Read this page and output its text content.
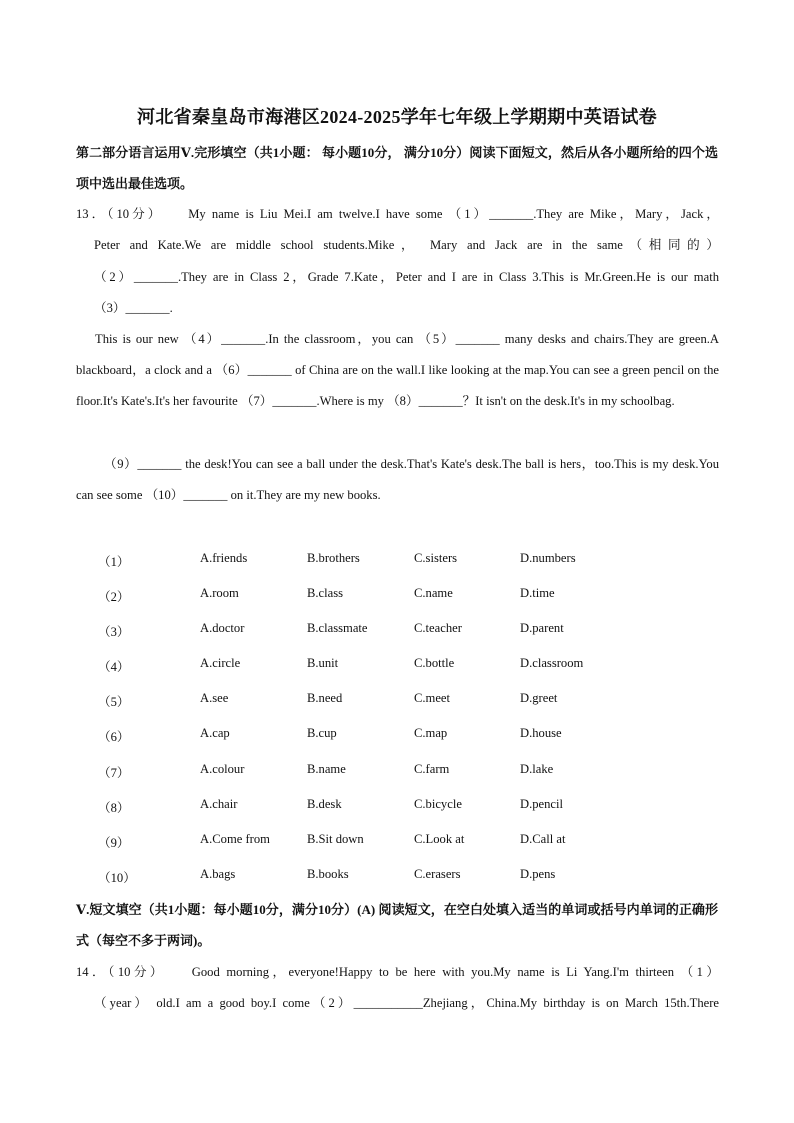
河北省秦皇岛市海港区2024-2025学年七年级上学期期中英语试卷
第二部分语言运用Ⅴ.完形填空（共1小题： 每小题10分， 满分10分）阅读下面短文，然后从各小题所给的四个选项中选出最佳选项。
13．（10分）　　My name is Liu Mei.I am twelve.I have some （1）_______.They are Mike，Mary，Jack，
Peter and Kate.We are middle school students.Mike， Mary and Jack are in the same（相同的）
（2）_______.They are in Class 2，Grade 7.Kate，Peter and I are in Class 3.This is Mr.Green.He is our math
（3）_______.
This is our new （4）_______.In the classroom，you can （5）_______ many desks and chairs.They are green.A blackboard，a clock and a （6）_______ of China are on the wall.I like looking at the map.You can see a green pencil on the floor.It's Kate's.It's her favourite （7）_______.Where is my （8）_______？It isn't on the desk.It's in my schoolbag.
（9）_______ the desk!You can see a ball under the desk.That's Kate's desk.The ball is hers，too.This is my desk.You can see some （10）_______ on it.They are my new books.
（1）	A.friends	B.brothers	C.sisters	D.numbers
（2）	A.room	B.class	C.name	D.time
（3）	A.doctor	B.classmate	C.teacher	D.parent
（4）	A.circle	B.unit	C.bottle	D.classroom
（5）	A.see	B.need	C.meet	D.greet
（6）	A.cap	B.cup	C.map	D.house
（7）	A.colour	B.name	C.farm	D.lake
（8）	A.chair	B.desk	C.bicycle	D.pencil
（9）	A.Come from	B.Sit down	C.Look at	D.Call at
（10）	A.bags	B.books	C.erasers	D.pens
Ⅴ.短文填空（共1小题：每小题10分，满分10分）(A) 阅读短文，在空白处填入适当的单词或括号内单词的正确形式（每空不多于两词)。
14．（10分）　　Good morning，everyone!Happy to be here with you.My name is Li Yang.I'm thirteen （1）
（year） old.I am a good boy.I come（2）___________Zhejiang，China.My birthday is on March 15th.There
